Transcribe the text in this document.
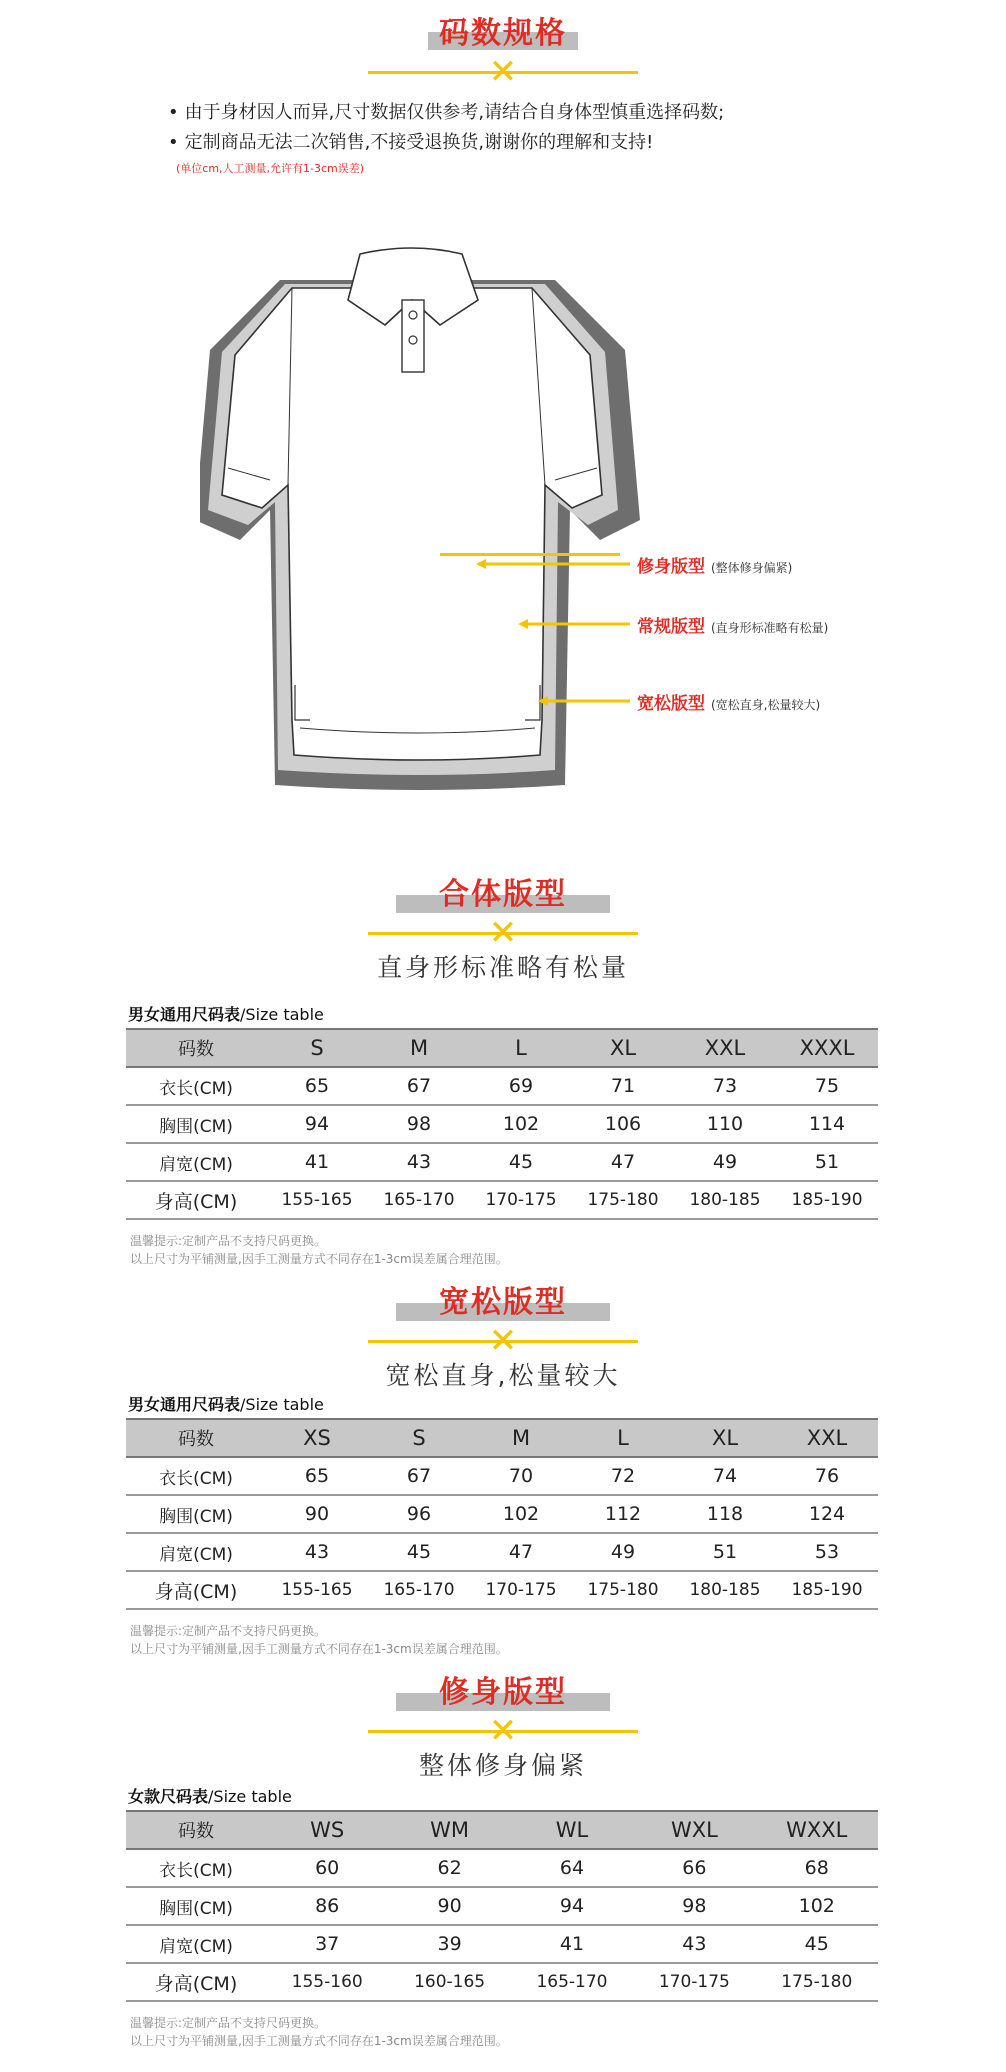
码数规格
✕
• 由于身材因人而异,尺寸数据仅供参考,请结合自身体型慎重选择码数;
• 定制商品无法二次销售,不接受退换货,谢谢你的理解和支持!
(单位cm,人工测量,允许有1-3cm误差)
修身版型 (整体修身偏紧)
常规版型 (直身形标准略有松量)
宽松版型 (宽松直身,松量较大)
合体版型
✕
直身形标准略有松量
男女通用尺码表/Size table
码数	S	M	L	XL	XXL	XXXL
衣长(CM)	65	67	69	71	73	75
胸围(CM)	94	98	102	106	110	114
肩宽(CM)	41	43	45	47	49	51
身高(CM)	155-165	165-170	170-175	175-180	180-185	185-190
温馨提示:定制产品不支持尺码更换。
以上尺寸为平铺测量,因手工测量方式不同存在1-3cm误差属合理范围。
宽松版型
✕
宽松直身,松量较大
男女通用尺码表/Size table
码数	XS	S	M	L	XL	XXL
衣长(CM)	65	67	70	72	74	76
胸围(CM)	90	96	102	112	118	124
肩宽(CM)	43	45	47	49	51	53
身高(CM)	155-165	165-170	170-175	175-180	180-185	185-190
温馨提示:定制产品不支持尺码更换。
以上尺寸为平铺测量,因手工测量方式不同存在1-3cm误差属合理范围。
修身版型
✕
整体修身偏紧
女款尺码表/Size table
码数	WS	WM	WL	WXL	WXXL	
衣长(CM)	60	62	64	66	68	
胸围(CM)	86	90	94	98	102	
肩宽(CM)	37	39	41	43	45	
身高(CM)	155-160	160-165	165-170	170-175	175-180	
温馨提示:定制产品不支持尺码更换。
以上尺寸为平铺测量,因手工测量方式不同存在1-3cm误差属合理范围。
